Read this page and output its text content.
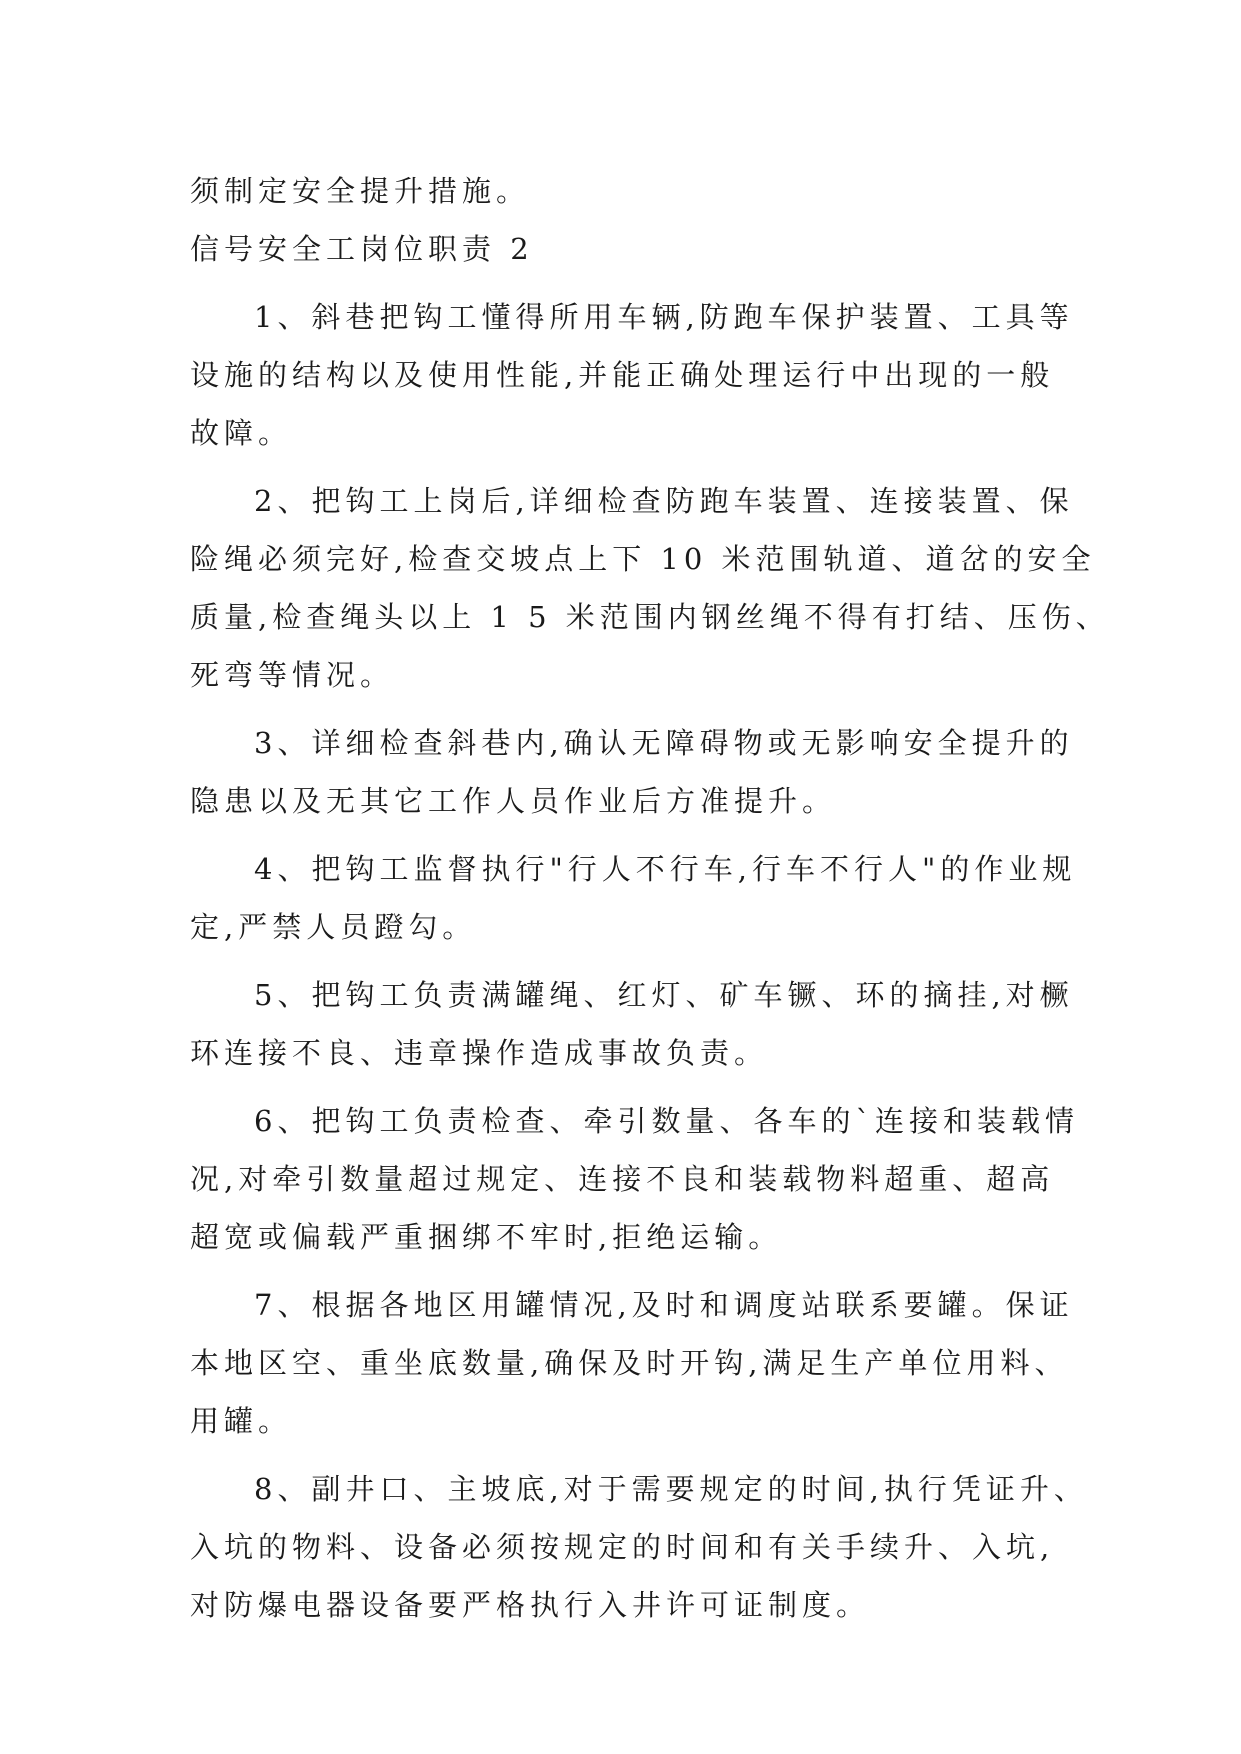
须制定安全提升措施。
信号安全工岗位职责 2
1、斜巷把钩工懂得所用车辆,防跑车保护装置、工具等
设施的结构以及使用性能,并能正确处理运行中出现的一般
故障。
2、把钩工上岗后,详细检查防跑车装置、连接装置、保
险绳必须完好,检查交坡点上下 10 米范围轨道、道岔的安全
质量,检查绳头以上 1 5 米范围内钢丝绳不得有打结、压伤、
死弯等情况。
3、详细检查斜巷内,确认无障碍物或无影响安全提升的
隐患以及无其它工作人员作业后方准提升。
4、把钩工监督执行"行人不行车,行车不行人"的作业规
定,严禁人员蹬勾。
5、把钩工负责满罐绳、红灯、矿车镢、环的摘挂,对橛
环连接不良、违章操作造成事故负责。
6、把钩工负责检查、牵引数量、各车的`连接和装载情
况,对牵引数量超过规定、连接不良和装载物料超重、超高
超宽或偏载严重捆绑不牢时,拒绝运输。
7、根据各地区用罐情况,及时和调度站联系要罐。保证
本地区空、重坐底数量,确保及时开钩,满足生产单位用料、
用罐。
8、副井口、主坡底,对于需要规定的时间,执行凭证升、
入坑的物料、设备必须按规定的时间和有关手续升、入坑,
对防爆电器设备要严格执行入井许可证制度。
